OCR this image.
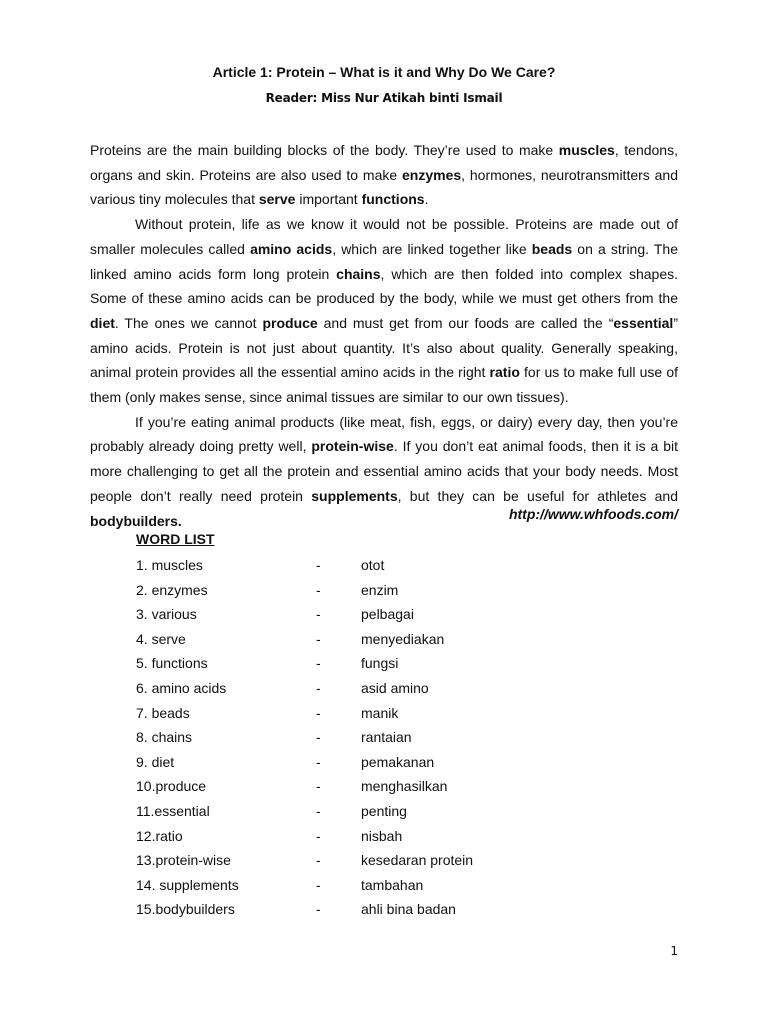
Article 1: Protein – What is it and Why Do We Care?
Reader: Miss Nur Atikah binti Ismail

Proteins are the main building blocks of the body. They’re used to make muscles, tendons, organs and skin. Proteins are also used to make enzymes, hormones, neurotransmitters and various tiny molecules that serve important functions.

Without protein, life as we know it would not be possible. Proteins are made out of smaller molecules called amino acids, which are linked together like beads on a string. The linked amino acids form long protein chains, which are then folded into complex shapes. Some of these amino acids can be produced by the body, while we must get others from the diet. The ones we cannot produce and must get from our foods are called the “essential” amino acids. Protein is not just about quantity. It’s also about quality. Generally speaking, animal protein provides all the essential amino acids in the right ratio for us to make full use of them (only makes sense, since animal tissues are similar to our own tissues).

If you’re eating animal products (like meat, fish, eggs, or dairy) every day, then you’re probably already doing pretty well, protein-wise. If you don’t eat animal foods, then it is a bit more challenging to get all the protein and essential amino acids that your body needs. Most people don’t really need protein supplements, but they can be useful for athletes and bodybuilders.	http://www.whfoods.com/
WORD LIST
1. muscles	-	otot
2. enzymes	-	enzim
3. various	-	pelbagai
4. serve	-	menyediakan
5. functions	-	fungsi
6. amino acids	-	asid amino
7. beads	-	manik
8. chains	-	rantaian
9. diet	-	pemakanan
10.produce	-	menghasilkan
11.essential	-	penting
12.ratio	-	nisbah
13.protein-wise	-	kesedaran protein
14. supplements	-	tambahan
15.bodybuilders	-	ahli bina badan
1
